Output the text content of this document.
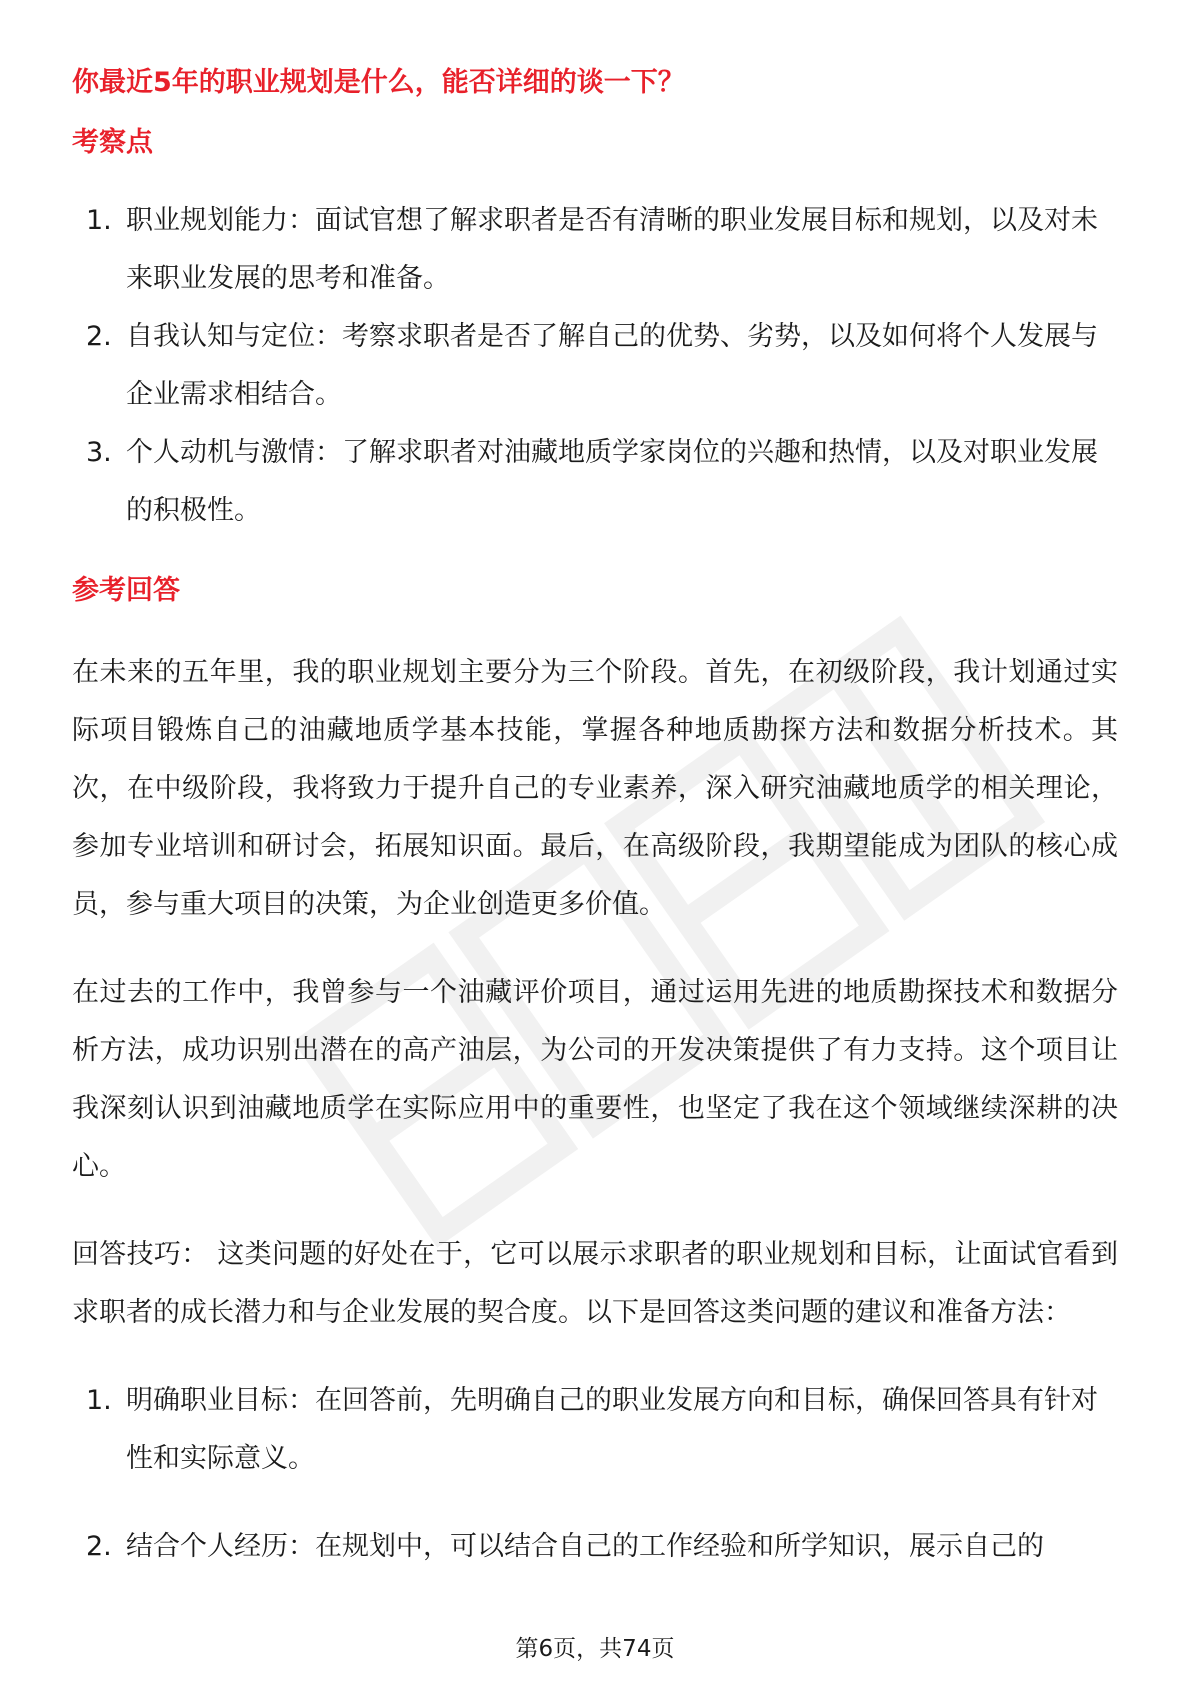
你最近5年的职业规划是什么，能否详细的谈一下？
考察点
1. 职业规划能力：面试官想了解求职者是否有清晰的职业发展目标和规划，以及对未来职业发展的思考和准备。
2. 自我认知与定位：考察求职者是否了解自己的优势、劣势，以及如何将个人发展与企业需求相结合。
3. 个人动机与激情：了解求职者对油藏地质学家岗位的兴趣和热情，以及对职业发展的积极性。
参考回答

在未来的五年里，我的职业规划主要分为三个阶段。首先，在初级阶段，我计划通过实际项目锻炼自己的油藏地质学基本技能，掌握各种地质勘探方法和数据分析技术。其次，在中级阶段，我将致力于提升自己的专业素养，深入研究油藏地质学的相关理论，参加专业培训和研讨会，拓展知识面。最后，在高级阶段，我期望能成为团队的核心成员，参与重大项目的决策，为企业创造更多价值。

在过去的工作中，我曾参与一个油藏评价项目，通过运用先进的地质勘探技术和数据分析方法，成功识别出潜在的高产油层，为公司的开发决策提供了有力支持。这个项目让我深刻认识到油藏地质学在实际应用中的重要性，也坚定了我在这个领域继续深耕的决心。

回答技巧： 这类问题的好处在于，它可以展示求职者的职业规划和目标，让面试官看到求职者的成长潜力和与企业发展的契合度。以下是回答这类问题的建议和准备方法：

1. 明确职业目标：在回答前，先明确自己的职业发展方向和目标，确保回答具有针对性和实际意义。
2. 结合个人经历：在规划中，可以结合自己的工作经验和所学知识，展示自己的
第6页，共74页
